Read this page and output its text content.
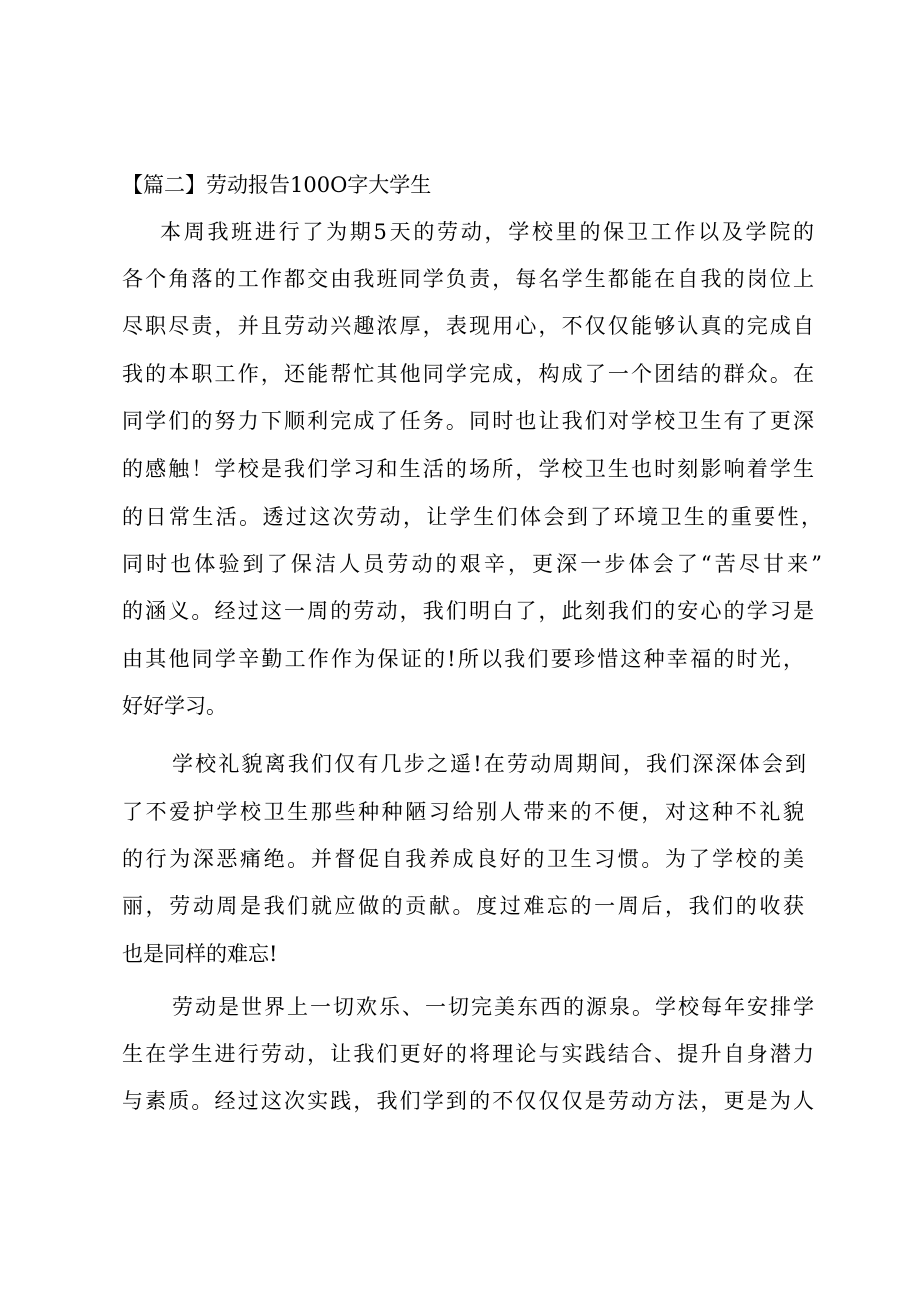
【篇二】劳动报告100O字大学生
本周我班进行了为期5天的劳动，学校里的保卫工作以及学院的
各个角落的工作都交由我班同学负责，每名学生都能在自我的岗位上
尽职尽责，并且劳动兴趣浓厚，表现用心，不仅仅能够认真的完成自
我的本职工作，还能帮忙其他同学完成，构成了一个团结的群众。在
同学们的努力下顺利完成了任务。同时也让我们对学校卫生有了更深
的感触！学校是我们学习和生活的场所，学校卫生也时刻影响着学生
的日常生活。透过这次劳动，让学生们体会到了环境卫生的重要性，
同时也体验到了保洁人员劳动的艰辛，更深一步体会了“苦尽甘来”
的涵义。经过这一周的劳动，我们明白了，此刻我们的安心的学习是
由其他同学辛勤工作作为保证的!所以我们要珍惜这种幸福的时光，
好好学习。
学校礼貌离我们仅有几步之遥!在劳动周期间，我们深深体会到
了不爱护学校卫生那些种种陋习给别人带来的不便，对这种不礼貌
的行为深恶痛绝。并督促自我养成良好的卫生习惯。为了学校的美
丽，劳动周是我们就应做的贡献。度过难忘的一周后，我们的收获
也是同样的难忘!
劳动是世界上一切欢乐、一切完美东西的源泉。学校每年安排学
生在学生进行劳动，让我们更好的将理论与实践结合、提升自身潜力
与素质。经过这次实践，我们学到的不仅仅仅是劳动方法，更是为人
